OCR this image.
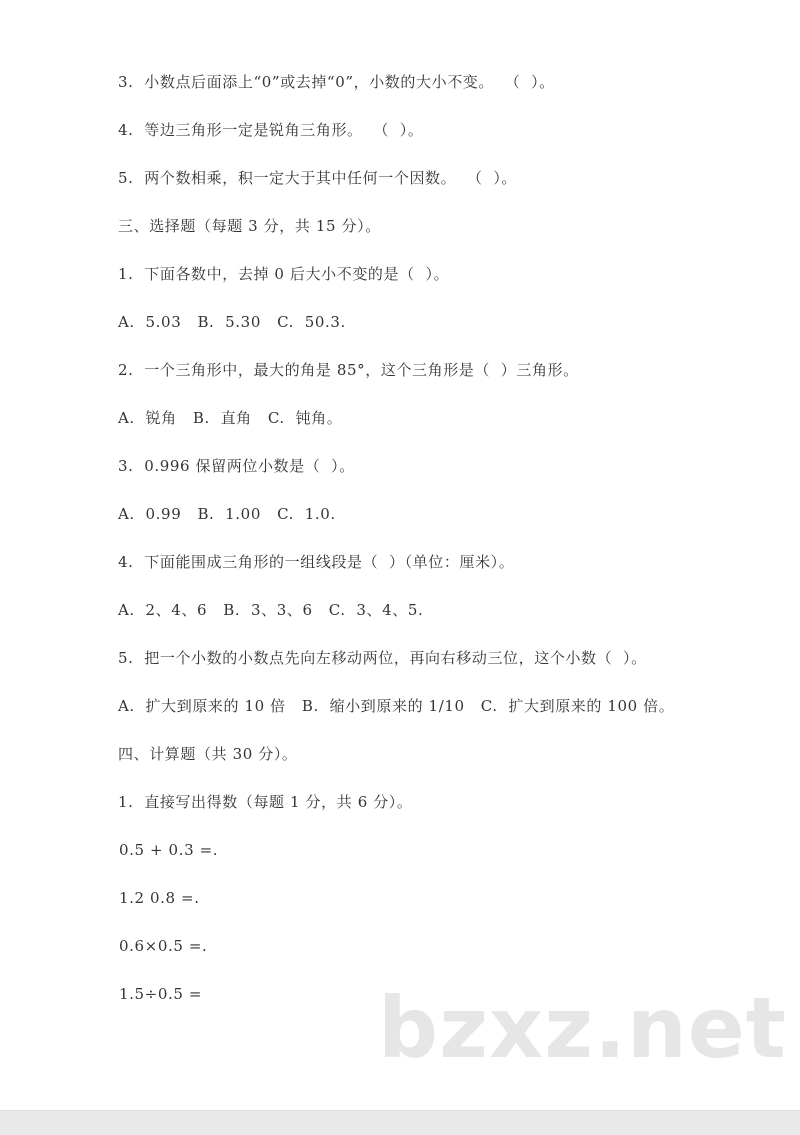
3.  小数点后面添上“0”或去掉“0”，小数的大小不变。  （  ）。

4.  等边三角形一定是锐角三角形。  （  ）。

5.  两个数相乘，积一定大于其中任何一个因数。  （  ）。

三、选择题（每题 3 分，共 15 分）。

1.  下面各数中，去掉 0 后大小不变的是（  ）。

A.  5.03   B.  5.30   C.  50.3.

2.  一个三角形中，最大的角是 85°，这个三角形是（  ）三角形。

A.  锐角   B.  直角   C.  钝角。

3.  0.996 保留两位小数是（  ）。

A.  0.99   B.  1.00   C.  1.0.

4.  下面能围成三角形的一组线段是（  ）（单位：厘米）。

A.  2、4、6   B.  3、3、6   C.  3、4、5.

5.  把一个小数的小数点先向左移动两位，再向右移动三位，这个小数（  ）。

A.  扩大到原来的 10 倍   B.  缩小到原来的 1/10   C.  扩大到原来的 100 倍。

四、计算题（共 30 分）。

1.  直接写出得数（每题 1 分，共 6 分）。

0.5 + 0.3 =.

1.2 0.8 =.

0.6×0.5 =.

1.5÷0.5 = bzxz.net
